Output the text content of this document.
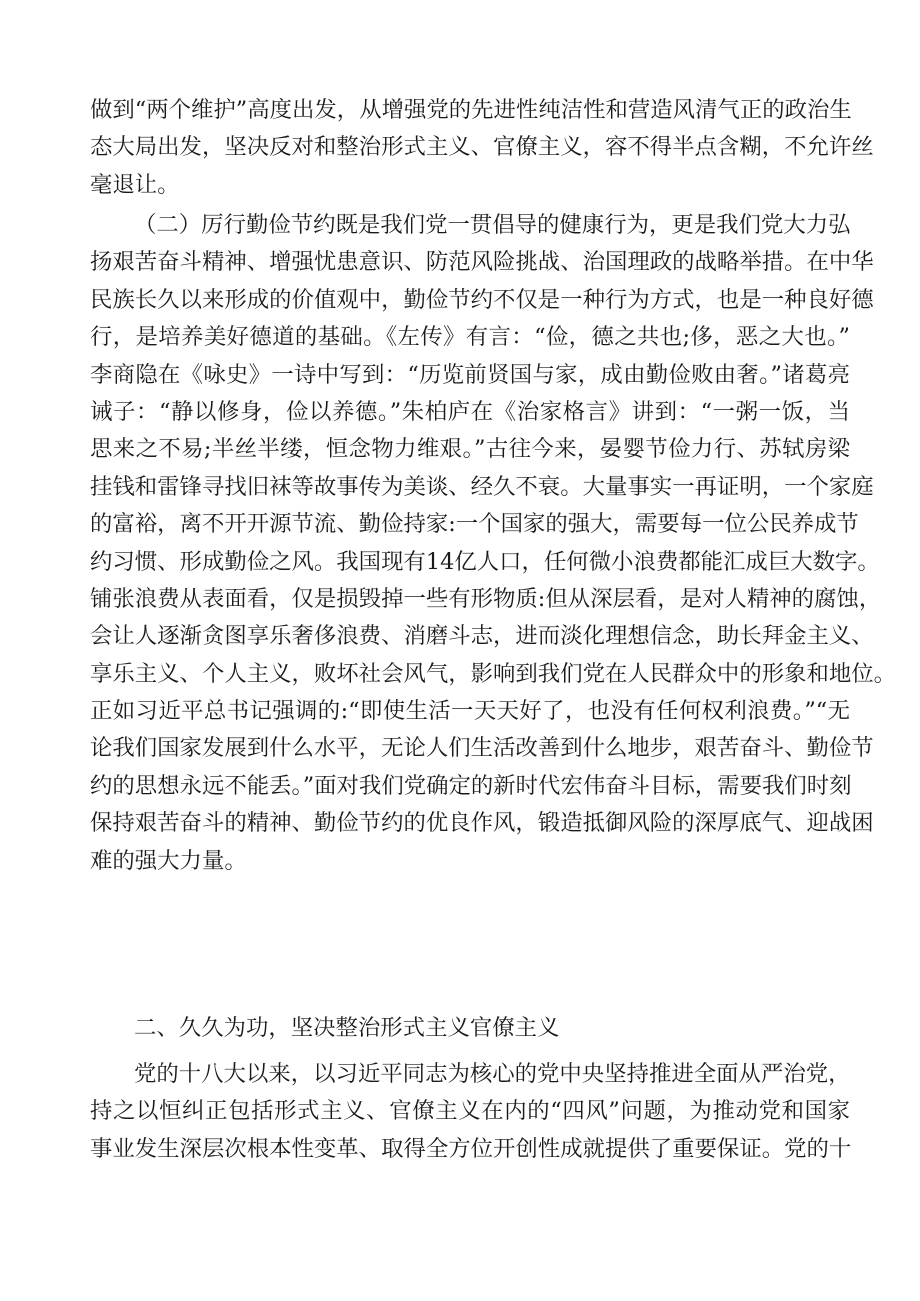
做到“两个维护”高度出发，从增强党的先进性纯洁性和营造风清气正的政治生
态大局出发，坚决反对和整治形式主义、官僚主义，容不得半点含糊，不允许丝
毫退让。
（二）厉行勤俭节约既是我们党一贯倡导的健康行为，更是我们党大力弘
扬艰苦奋斗精神、增强忧患意识、防范风险挑战、治国理政的战略举措。在中华
民族长久以来形成的价值观中，勤俭节约不仅是一种行为方式，也是一种良好德
行，是培养美好德道的基础。《左传》有言：“俭，德之共也;侈，恶之大也。”
李商隐在《咏史》一诗中写到：“历览前贤国与家，成由勤俭败由奢。”诸葛亮
诫子：“静以修身，俭以养德。”朱柏庐在《治家格言》讲到：“一粥一饭，当
思来之不易;半丝半缕，恒念物力维艰。”古往今来，晏婴节俭力行、苏轼房梁
挂钱和雷锋寻找旧袜等故事传为美谈、经久不衰。大量事实一再证明，一个家庭
的富裕，离不开开源节流、勤俭持家:一个国家的强大，需要每一位公民养成节
约习惯、形成勤俭之风。我国现有14亿人口，任何微小浪费都能汇成巨大数字。
铺张浪费从表面看，仅是损毁掉一些有形物质:但从深层看，是对人精神的腐蚀，
会让人逐渐贪图享乐奢侈浪费、消磨斗志，进而淡化理想信念，助长拜金主义、
享乐主义、个人主义，败坏社会风气，影响到我们党在人民群众中的形象和地位。
正如习近平总书记强调的:“即使生活一天天好了，也没有任何权利浪费。”“无
论我们国家发展到什么水平，无论人们生活改善到什么地步，艰苦奋斗、勤俭节
约的思想永远不能丢。”面对我们党确定的新时代宏伟奋斗目标，需要我们时刻
保持艰苦奋斗的精神、勤俭节约的优良作风，锻造抵御风险的深厚底气、迎战困
难的强大力量。
二、久久为功，坚决整治形式主义官僚主义
党的十八大以来，以习近平同志为核心的党中央坚持推进全面从严治党，
持之以恒纠正包括形式主义、官僚主义在内的“四风”问题，为推动党和国家
事业发生深层次根本性变革、取得全方位开创性成就提供了重要保证。党的十
